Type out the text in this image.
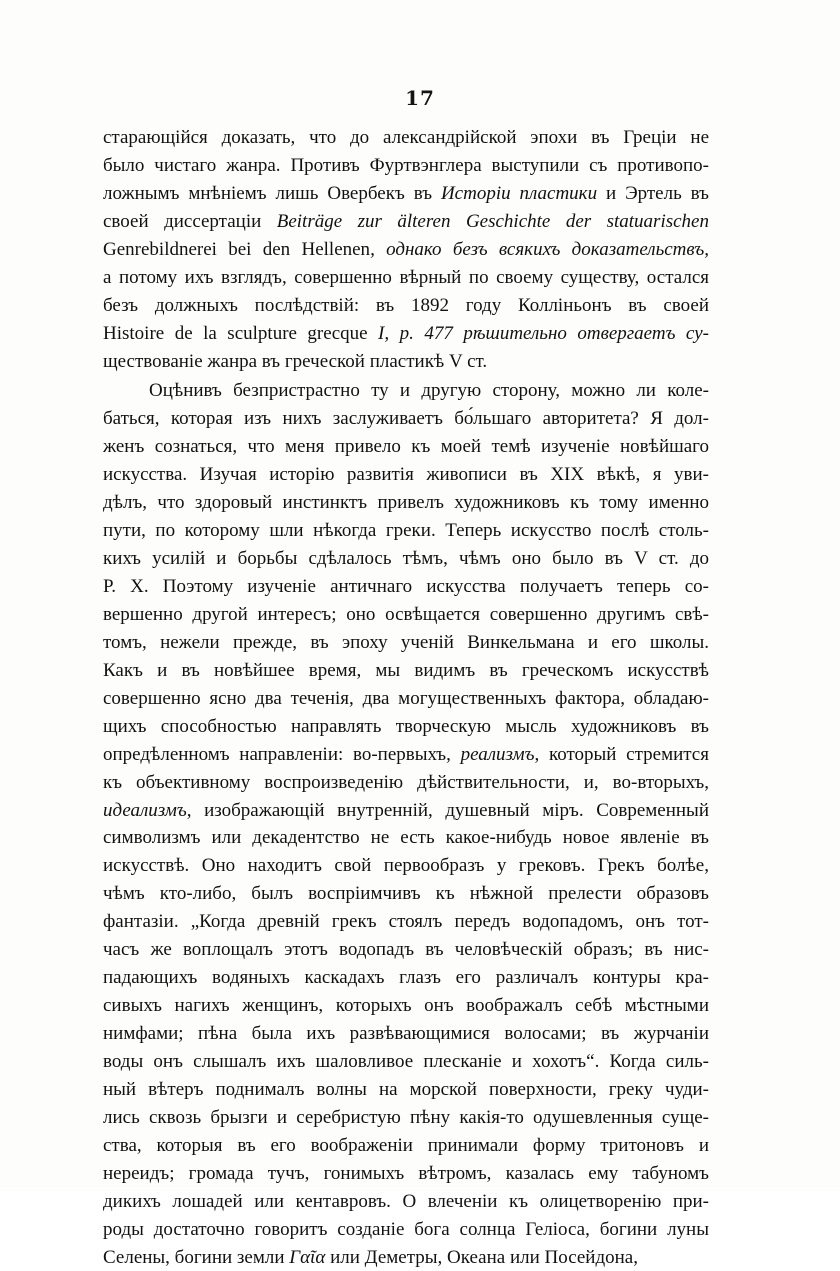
17
старающійся доказать, что до александрійской эпохи въ Греціи не
было чистаго жанра. Противъ Фуртвэнглера выступили съ противопо-
ложнымъ мнѣніемъ лишь Овербекъ въ Исторіи пластики и Эртель въ
своей диссертаціи Beiträge zur älteren Geschichte der statuarischen
Genrebildnerei bei den Hellenen, однако безъ всякихъ доказательствъ,
а потому ихъ взглядъ, совершенно вѣрный по своему существу, остался
безъ должныхъ послѣдствій: въ 1892 году Колліньонъ въ своей
Histoire de la sculpture grecque I, p. 477 рѣшительно отвергаетъ су-
ществованіе жанра въ греческой пластикѣ V ст.
Оцѣнивъ безпристрастно ту и другую сторону, можно ли коле-
баться, которая изъ нихъ заслуживаетъ бо́льшаго авторитета? Я дол-
женъ сознаться, что меня привело къ моей темѣ изученіе новѣйшаго
искусства. Изучая исторію развитія живописи въ XIX вѣкѣ, я уви-
дѣлъ, что здоровый инстинктъ привелъ художниковъ къ тому именно
пути, по которому шли нѣкогда греки. Теперь искусство послѣ столь-
кихъ усилій и борьбы сдѣлалось тѣмъ, чѣмъ оно было въ V ст. до
Р. Х. Поэтому изученіе античнаго искусства получаетъ теперь со-
вершенно другой интересъ; оно освѣщается совершенно другимъ свѣ-
томъ, нежели прежде, въ эпоху ученій Винкельмана и его школы.
Какъ и въ новѣйшее время, мы видимъ въ греческомъ искусствѣ
совершенно ясно два теченія, два могущественныхъ фактора, обладаю-
щихъ способностью направлять творческую мысль художниковъ въ
опредѣленномъ направленіи: во-первыхъ, реализмъ, который стремится
къ объективному воспроизведенію дѣйствительности, и, во-вторыхъ,
идеализмъ, изображающій внутренній, душевный міръ. Современный
символизмъ или декадентство не есть какое-нибудь новое явленіе въ
искусствѣ. Оно находитъ свой первообразъ у грековъ. Грекъ болѣе,
чѣмъ кто-либо, былъ воспріимчивъ къ нѣжной прелести образовъ
фантазіи. „Когда древній грекъ стоялъ передъ водопадомъ, онъ тот-
часъ же воплощалъ этотъ водопадъ въ человѣческій образъ; въ нис-
падающихъ водяныхъ каскадахъ глазъ его различалъ контуры кра-
сивыхъ нагихъ женщинъ, которыхъ онъ воображалъ себѣ мѣстными
нимфами; пѣна была ихъ развѣвающимися волосами; въ журчаніи
воды онъ слышалъ ихъ шаловливое плесканіе и хохотъ“. Когда силь-
ный вѣтеръ поднималъ волны на морской поверхности, греку чуди-
лись сквозь брызги и серебристую пѣну какія-то одушевленныя суще-
ства, которыя въ его воображеніи принимали форму тритоновъ и
нереидъ; громада тучъ, гонимыхъ вѣтромъ, казалась ему табуномъ
дикихъ лошадей или кентавровъ. О влеченіи къ олицетворенію при-
роды достаточно говоритъ созданіе бога солнца Геліоса, богини луны
Селены, богини земли Γαῖα или Деметры, Океана или Посейдона,
